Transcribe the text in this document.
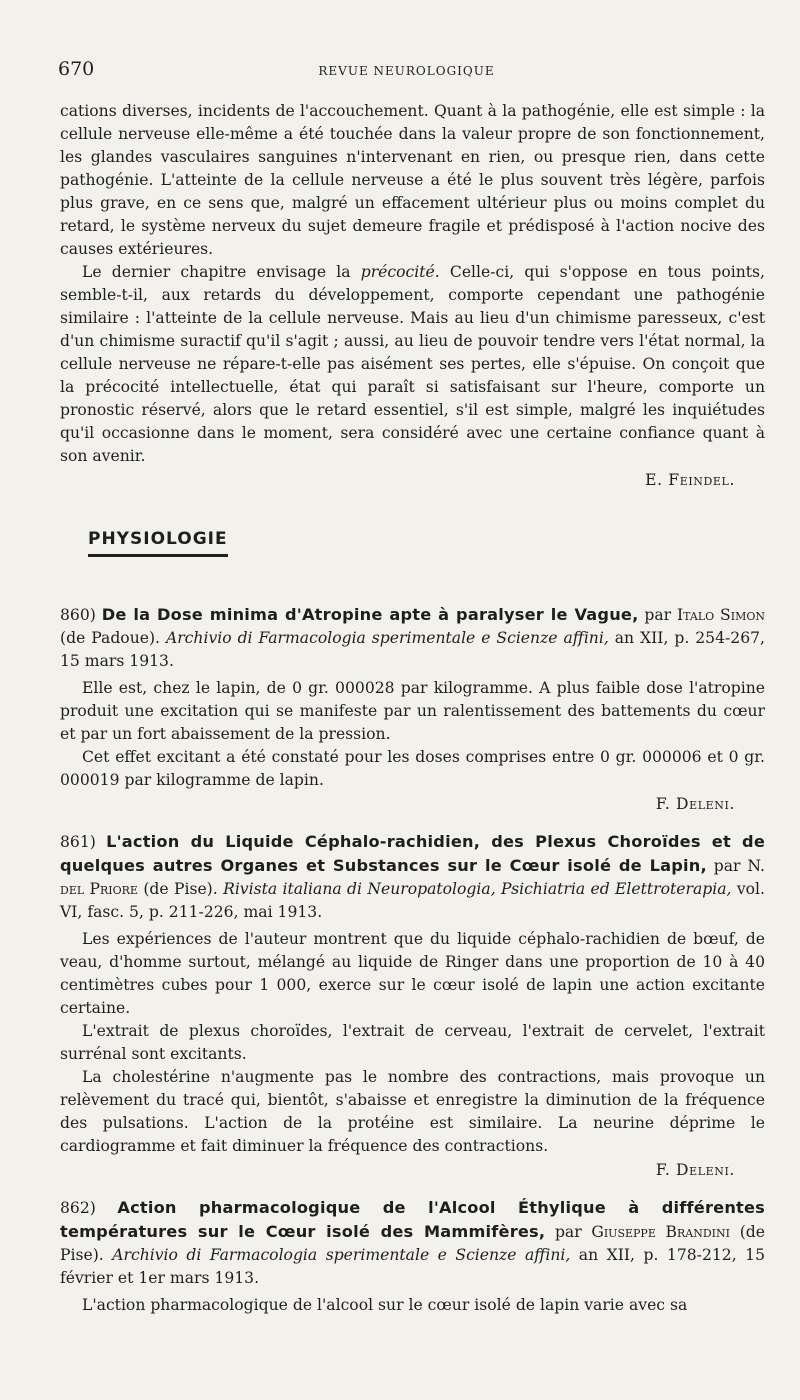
670	REVUE NEUROLOGIQUE

cations diverses, incidents de l'accouchement. Quant à la pathogénie, elle est simple : la cellule nerveuse elle-même a été touchée dans la valeur propre de son fonctionnement, les glandes vasculaires sanguines n'intervenant en rien, ou presque rien, dans cette pathogénie. L'atteinte de la cellule nerveuse a été le plus souvent très légère, parfois plus grave, en ce sens que, malgré un effacement ultérieur plus ou moins complet du retard, le système nerveux du sujet demeure fragile et prédisposé à l'action nocive des causes extérieures.

Le dernier chapitre envisage la précocité. Celle-ci, qui s'oppose en tous points, semble-t-il, aux retards du développement, comporte cependant une pathogénie similaire : l'atteinte de la cellule nerveuse. Mais au lieu d'un chimisme paresseux, c'est d'un chimisme suractif qu'il s'agit ; aussi, au lieu de pouvoir tendre vers l'état normal, la cellule nerveuse ne répare-t-elle pas aisément ses pertes, elle s'épuise. On conçoit que la précocité intellectuelle, état qui paraît si satisfaisant sur l'heure, comporte un pronostic réservé, alors que le retard essentiel, s'il est simple, malgré les inquiétudes qu'il occasionne dans le moment, sera considéré avec une certaine confiance quant à son avenir.

E. Feindel.

PHYSIOLOGIE
860) De la Dose minima d'Atropine apte à paralyser le Vague, par Italo Simon (de Padoue). Archivio di Farmacologia sperimentale e Scienze affini, an XII, p. 254-267, 15 mars 1913.

Elle est, chez le lapin, de 0 gr. 000028 par kilogramme. A plus faible dose l'atropine produit une excitation qui se manifeste par un ralentissement des battements du cœur et par un fort abaissement de la pression.

Cet effet excitant a été constaté pour les doses comprises entre 0 gr. 000006 et 0 gr. 000019 par kilogramme de lapin.

F. Deleni.

861) L'action du Liquide Céphalo-rachidien, des Plexus Choroïdes et de quelques autres Organes et Substances sur le Cœur isolé de Lapin, par N. del Priore (de Pise). Rivista italiana di Neuropatologia, Psichiatria ed Elettroterapia, vol. VI, fasc. 5, p. 211-226, mai 1913.

Les expériences de l'auteur montrent que du liquide céphalo-rachidien de bœuf, de veau, d'homme surtout, mélangé au liquide de Ringer dans une proportion de 10 à 40 centimètres cubes pour 1 000, exerce sur le cœur isolé de lapin une action excitante certaine.

L'extrait de plexus choroïdes, l'extrait de cerveau, l'extrait de cervelet, l'extrait surrénal sont excitants.

La cholestérine n'augmente pas le nombre des contractions, mais provoque un relèvement du tracé qui, bientôt, s'abaisse et enregistre la diminution de la fréquence des pulsations. L'action de la protéine est similaire. La neurine déprime le cardiogramme et fait diminuer la fréquence des contractions.

F. Deleni.

862) Action pharmacologique de l'Alcool Éthylique à différentes températures sur le Cœur isolé des Mammifères, par Giuseppe Brandini (de Pise). Archivio di Farmacologia sperimentale e Scienze affini, an XII, p. 178-212, 15 février et 1er mars 1913.

L'action pharmacologique de l'alcool sur le cœur isolé de lapin varie avec sa
